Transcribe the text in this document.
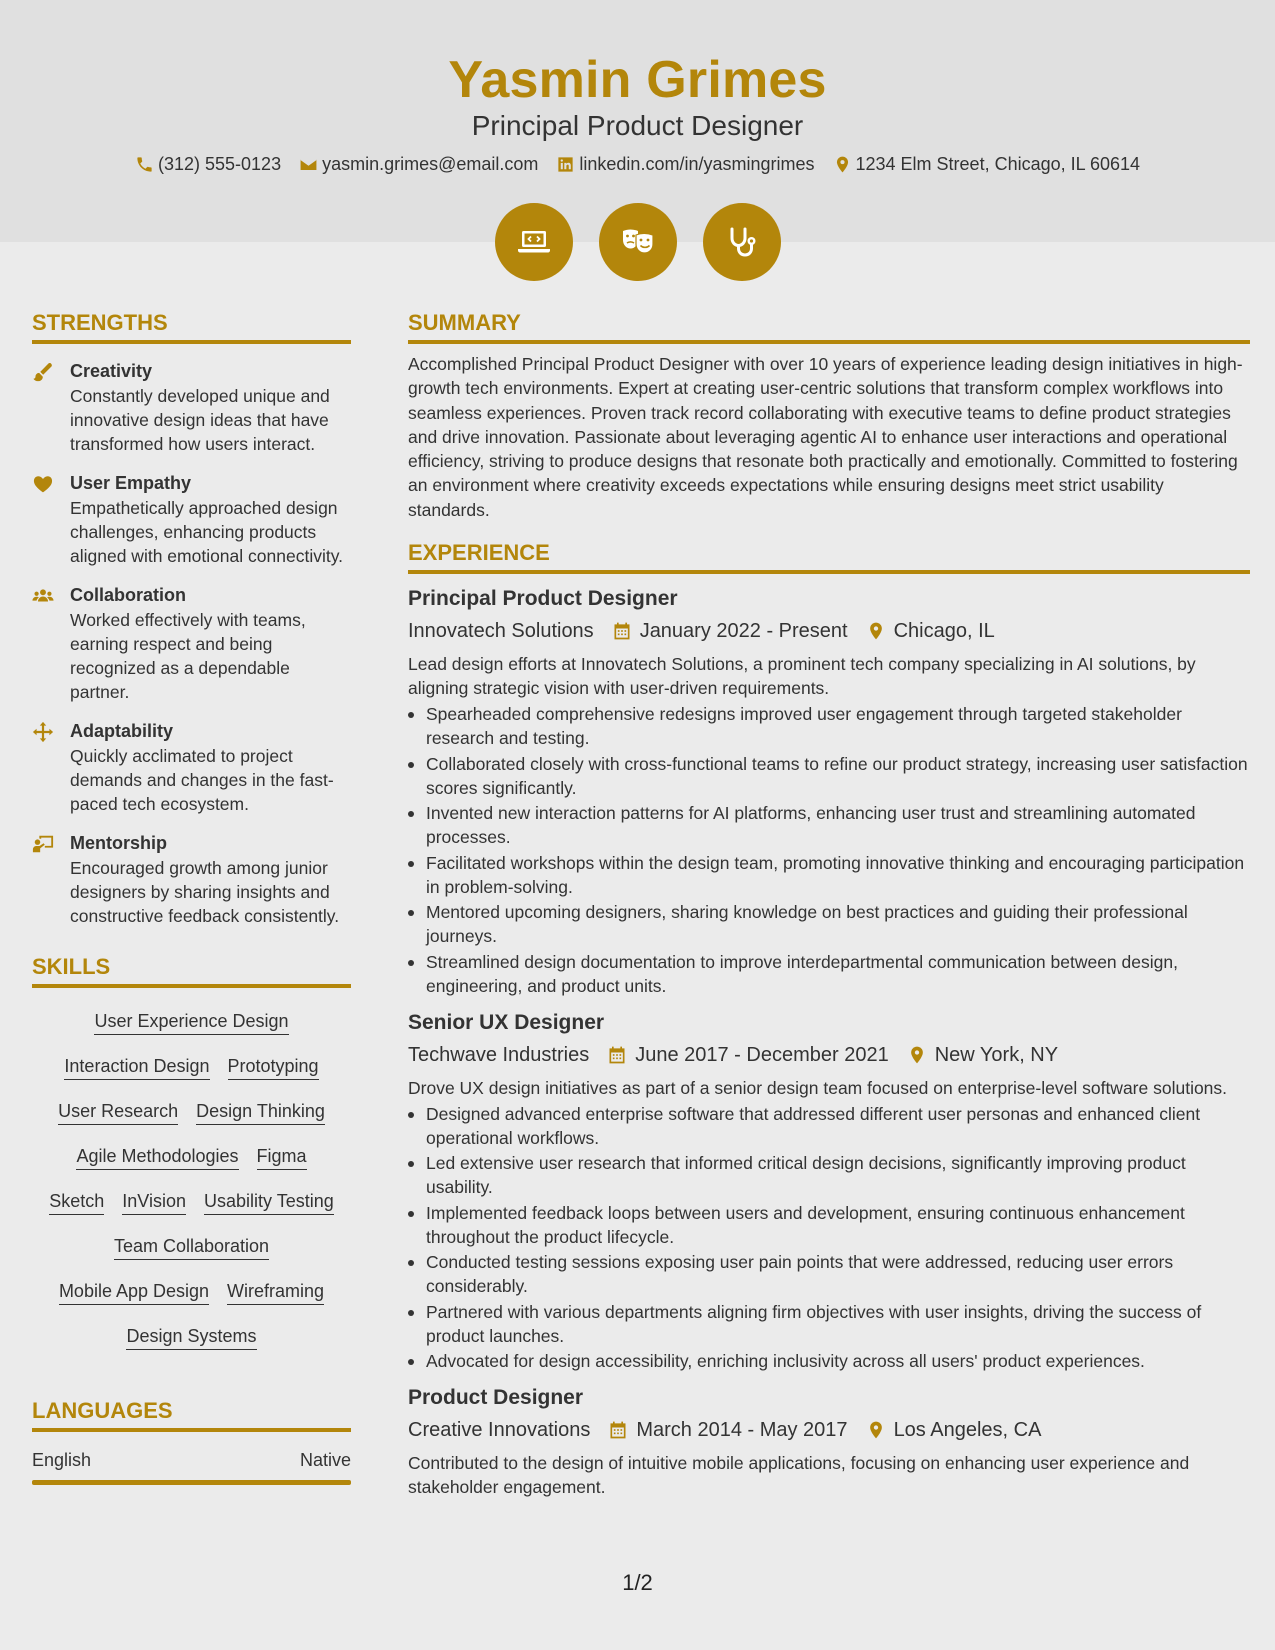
Yasmin Grimes
Principal Product Designer
(312) 555-0123 yasmin.grimes@email.com linkedin.com/in/yasmingrimes 1234 Elm Street, Chicago, IL 60614
STRENGTHS
Creativity
Constantly developed unique and innovative design ideas that have transformed how users interact.
User Empathy
Empathetically approached design challenges, enhancing products aligned with emotional connectivity.
Collaboration
Worked effectively with teams, earning respect and being recognized as a dependable partner.
Adaptability
Quickly acclimated to project demands and changes in the fast-paced tech ecosystem.
Mentorship
Encouraged growth among junior designers by sharing insights and constructive feedback consistently.
SKILLS
User Experience Design
Interaction Design Prototyping
User Research Design Thinking
Agile Methodologies Figma
Sketch InVision Usability Testing
Team Collaboration
Mobile App Design Wireframing
Design Systems
LANGUAGES
English	Native
SUMMARY
Accomplished Principal Product Designer with over 10 years of experience leading design initiatives in high-growth tech environments. Expert at creating user-centric solutions that transform complex workflows into seamless experiences. Proven track record collaborating with executive teams to define product strategies and drive innovation. Passionate about leveraging agentic AI to enhance user interactions and operational efficiency, striving to produce designs that resonate both practically and emotionally. Committed to fostering an environment where creativity exceeds expectations while ensuring designs meet strict usability standards.
EXPERIENCE
Principal Product Designer
Innovatech Solutions January 2022 - Present Chicago, IL
Lead design efforts at Innovatech Solutions, a prominent tech company specializing in AI solutions, by aligning strategic vision with user-driven requirements.
Spearheaded comprehensive redesigns improved user engagement through targeted stakeholder research and testing.
Collaborated closely with cross-functional teams to refine our product strategy, increasing user satisfaction scores significantly.
Invented new interaction patterns for AI platforms, enhancing user trust and streamlining automated processes.
Facilitated workshops within the design team, promoting innovative thinking and encouraging participation in problem-solving.
Mentored upcoming designers, sharing knowledge on best practices and guiding their professional journeys.
Streamlined design documentation to improve interdepartmental communication between design, engineering, and product units.
Senior UX Designer
Techwave Industries June 2017 - December 2021 New York, NY
Drove UX design initiatives as part of a senior design team focused on enterprise-level software solutions.
Designed advanced enterprise software that addressed different user personas and enhanced client operational workflows.
Led extensive user research that informed critical design decisions, significantly improving product usability.
Implemented feedback loops between users and development, ensuring continuous enhancement throughout the product lifecycle.
Conducted testing sessions exposing user pain points that were addressed, reducing user errors considerably.
Partnered with various departments aligning firm objectives with user insights, driving the success of product launches.
Advocated for design accessibility, enriching inclusivity across all users' product experiences.
Product Designer
Creative Innovations March 2014 - May 2017 Los Angeles, CA
Contributed to the design of intuitive mobile applications, focusing on enhancing user experience and stakeholder engagement.
1/2
